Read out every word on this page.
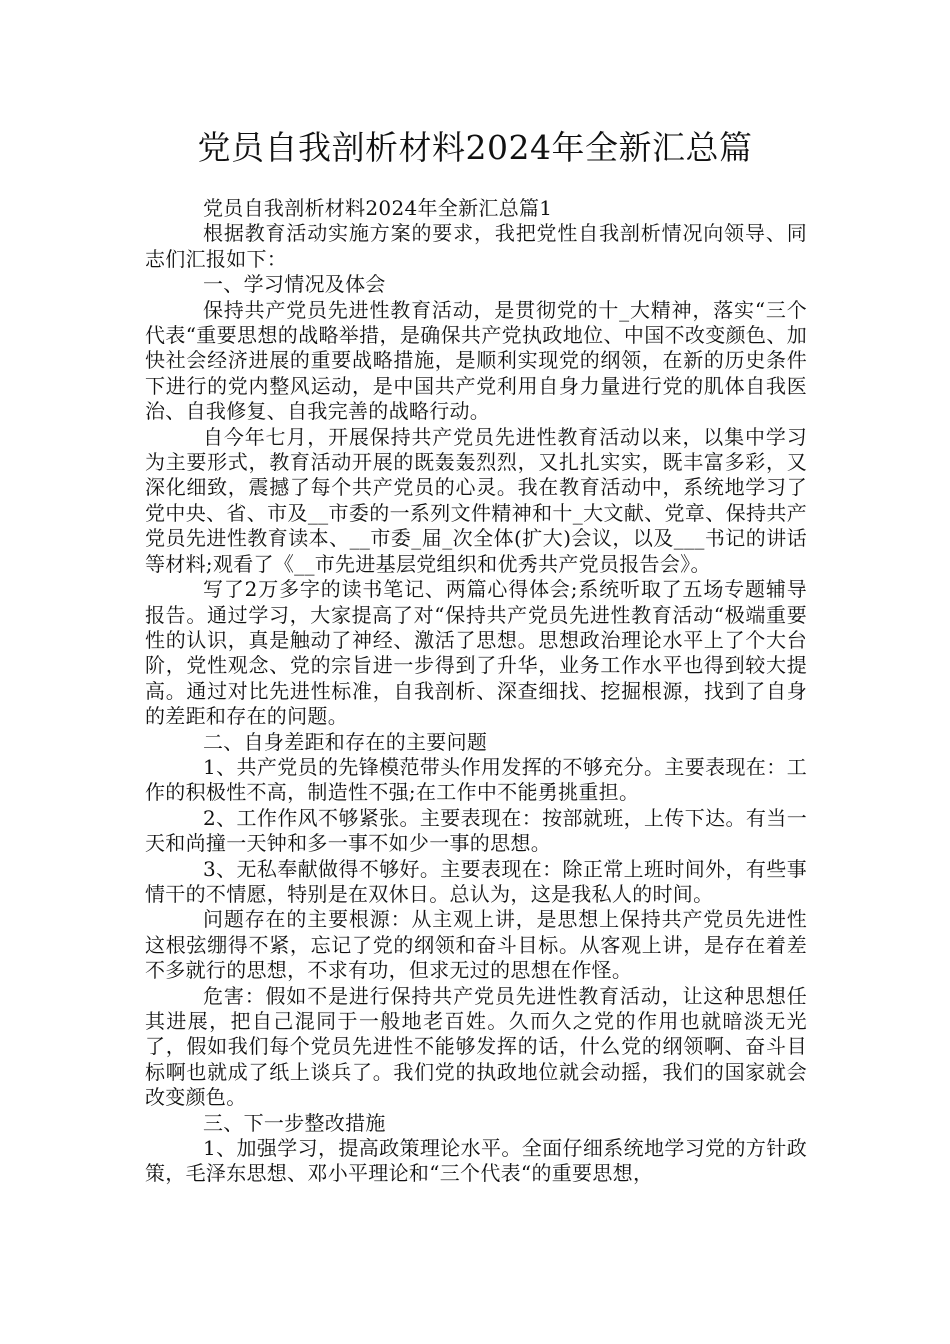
党员自我剖析材料2024年全新汇总篇

党员自我剖析材料2024年全新汇总篇1

根据教育活动实施方案的要求，我把党性自我剖析情况向领导、同志们汇报如下：

一、学习情况及体会

保持共产党员先进性教育活动，是贯彻党的十_大精神，落实“三个代表“重要思想的战略举措，是确保共产党执政地位、中国不改变颜色、加快社会经济进展的重要战略措施，是顺利实现党的纲领，在新的历史条件下进行的党内整风运动，是中国共产党利用自身力量进行党的肌体自我医治、自我修复、自我完善的战略行动。

自今年七月，开展保持共产党员先进性教育活动以来，以集中学习为主要形式，教育活动开展的既轰轰烈烈，又扎扎实实，既丰富多彩，又深化细致，震撼了每个共产党员的心灵。我在教育活动中，系统地学习了党中央、省、市及__市委的一系列文件精神和十_大文献、党章、保持共产党员先进性教育读本、__市委_届_次全体(扩大)会议，以及___书记的讲话等材料;观看了《__市先进基层党组织和优秀共产党员报告会》。

写了2万多字的读书笔记、两篇心得体会;系统听取了五场专题辅导报告。通过学习，大家提高了对“保持共产党员先进性教育活动“极端重要性的认识，真是触动了神经、激活了思想。思想政治理论水平上了个大台阶，党性观念、党的宗旨进一步得到了升华，业务工作水平也得到较大提高。通过对比先进性标准，自我剖析、深查细找、挖掘根源，找到了自身的差距和存在的问题。

二、自身差距和存在的主要问题

1、共产党员的先锋模范带头作用发挥的不够充分。主要表现在：工作的积极性不高，制造性不强;在工作中不能勇挑重担。

2、工作作风不够紧张。主要表现在：按部就班，上传下达。有当一天和尚撞一天钟和多一事不如少一事的思想。

3、无私奉献做得不够好。主要表现在：除正常上班时间外，有些事情干的不情愿，特别是在双休日。总认为，这是我私人的时间。

问题存在的主要根源：从主观上讲，是思想上保持共产党员先进性这根弦绷得不紧，忘记了党的纲领和奋斗目标。从客观上讲，是存在着差不多就行的思想，不求有功，但求无过的思想在作怪。

危害：假如不是进行保持共产党员先进性教育活动，让这种思想任其进展，把自己混同于一般地老百姓。久而久之党的作用也就暗淡无光了，假如我们每个党员先进性不能够发挥的话，什么党的纲领啊、奋斗目标啊也就成了纸上谈兵了。我们党的执政地位就会动摇，我们的国家就会改变颜色。

三、下一步整改措施

1、加强学习，提高政策理论水平。全面仔细系统地学习党的方针政策，毛泽东思想、邓小平理论和“三个代表“的重要思想，
